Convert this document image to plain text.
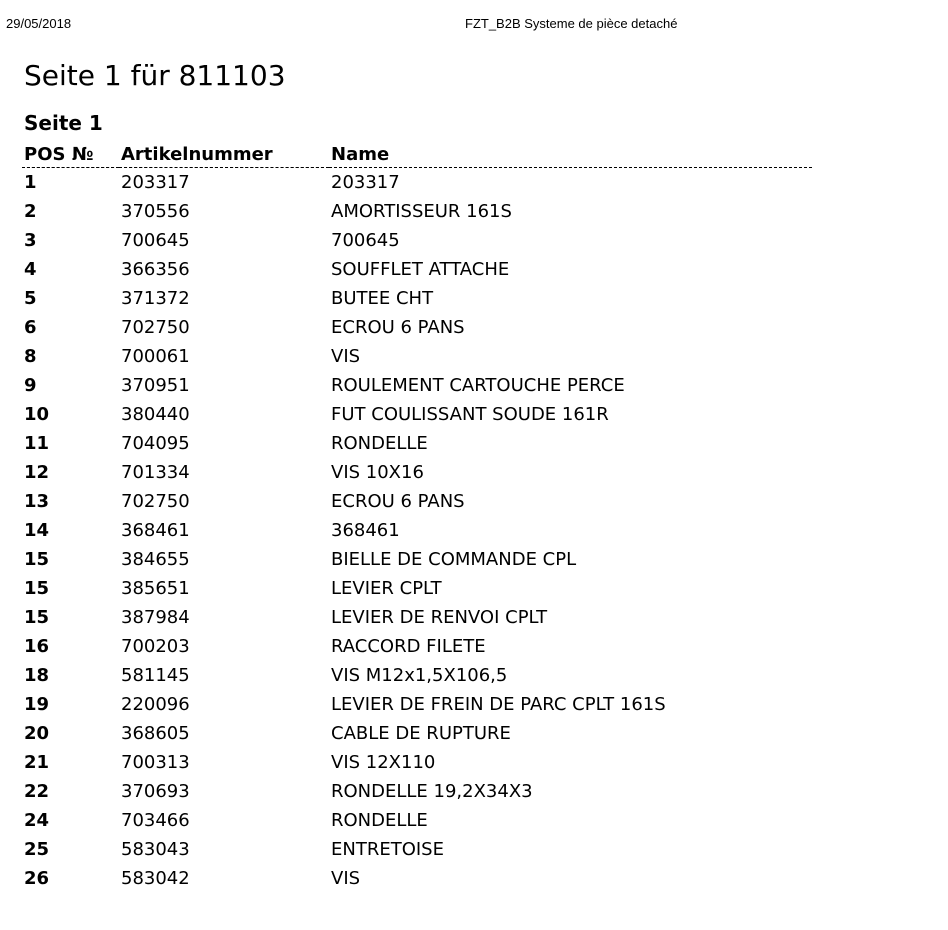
29/05/2018	FZT_B2B Systeme de pièce detaché
Seite 1 für 811103
Seite 1
POS №	Artikelnummer	Name
1	203317	203317
2	370556	AMORTISSEUR 161S
3	700645	700645
4	366356	SOUFFLET ATTACHE
5	371372	BUTEE CHT
6	702750	ECROU 6 PANS
8	700061	VIS
9	370951	ROULEMENT CARTOUCHE PERCE
10	380440	FUT COULISSANT SOUDE 161R
11	704095	RONDELLE
12	701334	VIS 10X16
13	702750	ECROU 6 PANS
14	368461	368461
15	384655	BIELLE DE COMMANDE CPL
15	385651	LEVIER CPLT
15	387984	LEVIER DE RENVOI CPLT
16	700203	RACCORD FILETE
18	581145	VIS M12x1,5X106,5
19	220096	LEVIER DE FREIN DE PARC CPLT 161S
20	368605	CABLE DE RUPTURE
21	700313	VIS 12X110
22	370693	RONDELLE 19,2X34X3
24	703466	RONDELLE
25	583043	ENTRETOISE
26	583042	VIS
